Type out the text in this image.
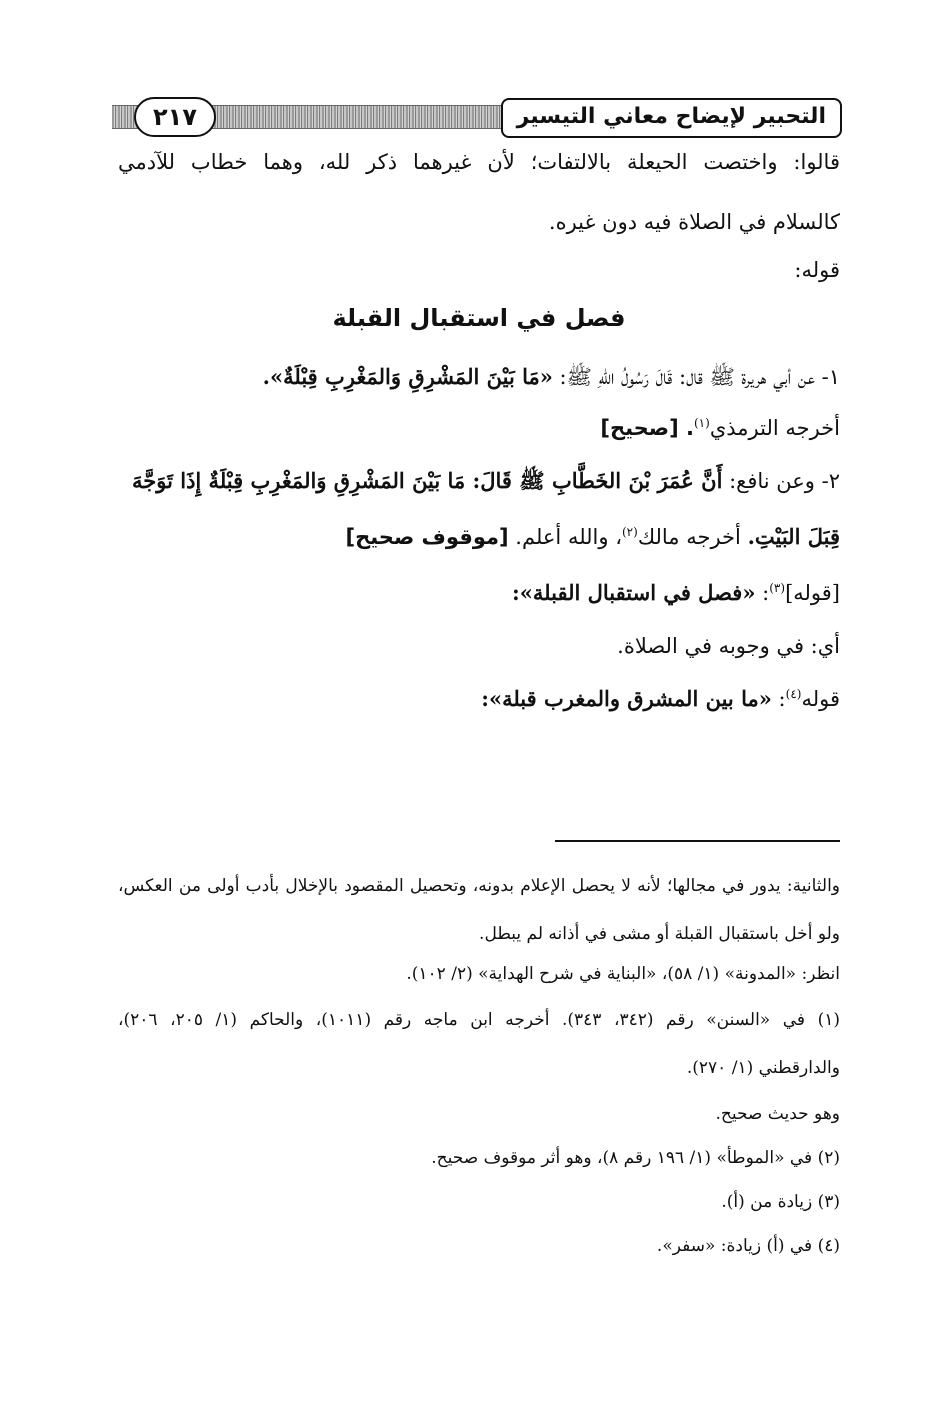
التحبير لإيضاح معاني التيسير
٢١٧

قالوا: واختصت الحيعلة بالالتفات؛ لأن غيرهما ذكر لله، وهما خطاب للآدمي

كالسلام في الصلاة فيه دون غيره.

قوله:

فصل في استقبال القبلة

١- عن أبي هريرة ﷺ قال: قَالَ رَسُولُ اللهِ ﷺ: «مَا بَيْنَ المَشْرِقِ وَالمَغْرِبِ قِبْلَةٌ».

أخرجه الترمذي$^{(١)}$. [صحيح]

٢- وعن نافع: أَنَّ عُمَرَ بْنَ الخَطَّابِ ﷺ قَالَ: مَا بَيْنَ المَشْرِقِ وَالمَغْرِبِ قِبْلَةٌ إِذَا تَوَجَّهَ

قِبَلَ البَيْتِ. أخرجه مالك$^{(٢)}$، والله أعلم. [موقوف صحيح]

[قوله]$^{(٣)}$: «فصل في استقبال القبلة»:

أي: في وجوبه في الصلاة.

قوله$^{(٤)}$: «ما بين المشرق والمغرب قبلة»:

والثانية: يدور في مجالها؛ لأنه لا يحصل الإعلام بدونه، وتحصيل المقصود بالإخلال بأدب أولى من العكس،

ولو أخل باستقبال القبلة أو مشى في أذانه لم يبطل.

انظر: «المدونة» (١/ ٥٨)، «البناية في شرح الهداية» (٢/ ١٠٢).

(١) في «السنن» رقم (٣٤٢، ٣٤٣). أخرجه ابن ماجه رقم (١٠١١)، والحاكم (١/ ٢٠٥، ٢٠٦)،

والدارقطني (١/ ٢٧٠).

وهو حديث صحيح.

(٢) في «الموطأ» (١/ ١٩٦ رقم ٨)، وهو أثر موقوف صحيح.

(٣) زيادة من (أ).

(٤) في (أ) زيادة: «سفر».
